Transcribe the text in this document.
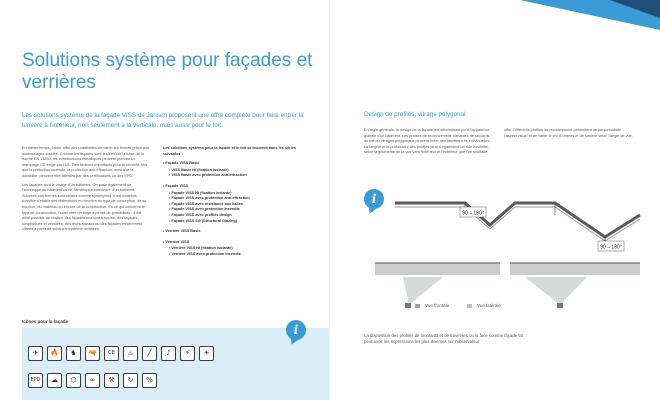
Solutions système pour façades et verrières

Les solutions système de la façade VISS de Jansen proposent une offre complète pour faire entrer la lumière à l'intérieur, non seulement à la verticale, mais aussi pour le toit.

En même temps, l'acier offre des possibilités de varier les formes grâce aux assemblages soudés. Comme les façades sont testées sur la base de la norme EN 13830, les constructions métalliques peuvent prendre un marquage CE exigé par l'UE. Des facteurs importants pour la sécurité, tels que la protection incendie, la protection anti-effraction, ainsi que la durabilité, peuvent être attestés par des certifications ou des EPD.

Les façades sont le visage d'un bâtiment. On parle également de l'enveloppe du bâtiment ou de l'enveloppe extérieure d'un bâtiment. Souvent, ces termes sont utilisés comme synonymes. Il est toutefois possible d'établir des distinctions en fonction du type de conception, de sa fonction, du matériau ou encore de la construction. En ce qui concerne le type de construction, l'acier offre un large éventail de possibilités : il est ainsi possible de réaliser des façades montant-traverse, des façades suspendues et ventilées, des murs-rideaux ou des façades entièrement vitrées à partir de solutions système certifiées.

Les solutions système pour la façade et le toit se trouvent dans les séries suivantes :

• Façade VISS Basic
• VISS Basic HI (fixation isolante)
• VISS Basic avec protection anti-effraction
• Façade VISS
• Façade VISS HI (fixation isolante)
• Façade VISS avec protection anti-effraction
• Façade VISS avec résistance aux balles
• Façade VISS avec protection incendie
• Façade VISS avec profilés design
• Façade VISS SG (Structural Glazing)
• Verrière VISS Basic
• Verrière VISS
• Verrière VISS HI (fixation isolante)
• Verrière VISS avec protection incendie
Icônes pour la façade
✈	🔥	♞	🔫	CE	♨	╱	♪	⚡	☀
EPD	☁	⬡	∞	⚒	↻	%
i

Design de profilés, vitrage polygonal

En règle générale, le design de la façade est déterminant pour l'apparence globale d'un bâtiment. Les profilés de recouvrement, variantes de raccords de toit ou vitrages polygonaux peuvent créer des facettes très individuelles. La largeur et la profondeur des profilés jouent également un rôle essentiel, selon la géométrie de la vue vers l'intérieur et l'extérieur que l'on souhaite.

offrir. Différents profilés de recouvrement permettent de personnaliser l'aspect visuel et de varier le jeu d'ombres et de lumière selon l'angle de vue.

i
90 – 180°
90 – 180°
Vue frontale	Vue latérale

La disposition des profilés de montants et de traverses ou la face comme façade 50 peut avoir les impressions les plus diverses sur l'observateur
